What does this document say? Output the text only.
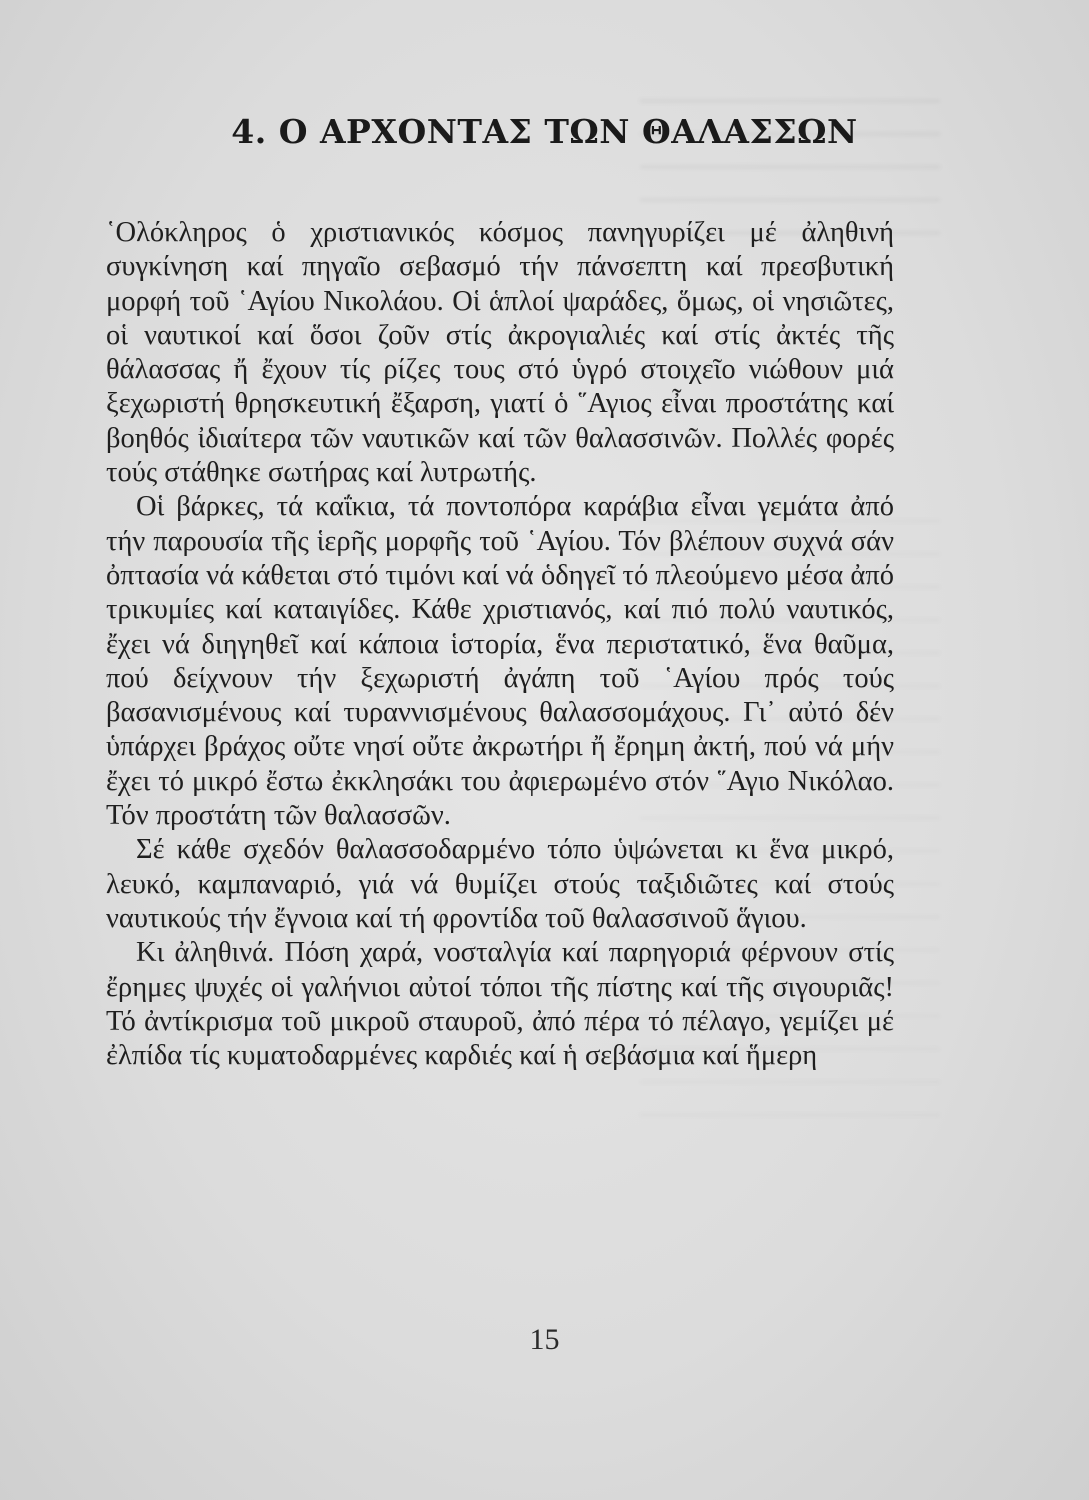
4. Ο ΑΡΧΟΝΤΑΣ ΤΩΝ ΘΑΛΑΣΣΩΝ

῾Ολόκληρος ὁ χριστιανικός κόσμος πανηγυρίζει μέ ἀληθινή συγκίνηση καί πηγαῖο σεβασμό τήν πάνσεπτη καί πρεσβυτική μορφή τοῦ ῾Αγίου Νικολάου. Οἱ ἁπλοί ψαράδες, ὅμως, οἱ νησιῶτες, οἱ ναυτικοί καί ὅσοι ζοῦν στίς ἀκρογιαλιές καί στίς ἀκτές τῆς θάλασσας ἤ ἔχουν τίς ρίζες τους στό ὑγρό στοιχεῖο νιώθουν μιά ξεχωριστή θρησκευτική ἔξαρση, γιατί ὁ ῞Αγιος εἶναι προστάτης καί βοηθός ἰδιαίτερα τῶν ναυτικῶν καί τῶν θαλασσινῶν. Πολλές φορές τούς στάθηκε σωτήρας καί λυτρωτής.

Οἱ βάρκες, τά καΐκια, τά ποντοπόρα καράβια εἶναι γεμάτα ἀπό τήν παρουσία τῆς ἱερῆς μορφῆς τοῦ ῾Αγίου. Τόν βλέπουν συχνά σάν ὀπτασία νά κάθεται στό τιμόνι καί νά ὁδηγεῖ τό πλεούμενο μέσα ἀπό τρικυμίες καί καταιγίδες. Κάθε χριστιανός, καί πιό πολύ ναυτικός, ἔχει νά διηγηθεῖ καί κάποια ἱστορία, ἕνα περιστατικό, ἕνα θαῦμα, πού δείχνουν τήν ξεχωριστή ἀγάπη τοῦ ῾Αγίου πρός τούς βασανισμένους καί τυραννισμένους θαλασσομάχους. Γι᾿ αὐτό δέν ὑπάρχει βράχος οὔτε νησί οὔτε ἀκρωτήρι ἤ ἔρημη ἀκτή, πού νά μήν ἔχει τό μικρό ἔστω ἐκκλησάκι του ἀφιερωμένο στόν ῞Αγιο Νικόλαο. Τόν προστάτη τῶν θαλασσῶν.

Σέ κάθε σχεδόν θαλασσοδαρμένο τόπο ὑψώνεται κι ἕνα μικρό, λευκό, καμπαναριό, γιά νά θυμίζει στούς ταξιδιῶτες καί στούς ναυτικούς τήν ἔγνοια καί τή φροντίδα τοῦ θαλασσινοῦ ἅγιου.

Κι ἀληθινά. Πόση χαρά, νοσταλγία καί παρηγοριά φέρνουν στίς ἔρημες ψυχές οἱ γαλήνιοι αὐτοί τόποι τῆς πίστης καί τῆς σιγουριᾶς! Τό ἀντίκρισμα τοῦ μικροῦ σταυροῦ, ἀπό πέρα τό πέλαγο, γεμίζει μέ ἐλπίδα τίς κυματοδαρμένες καρδιές καί ἡ σεβάσμια καί ἥμερη

15
